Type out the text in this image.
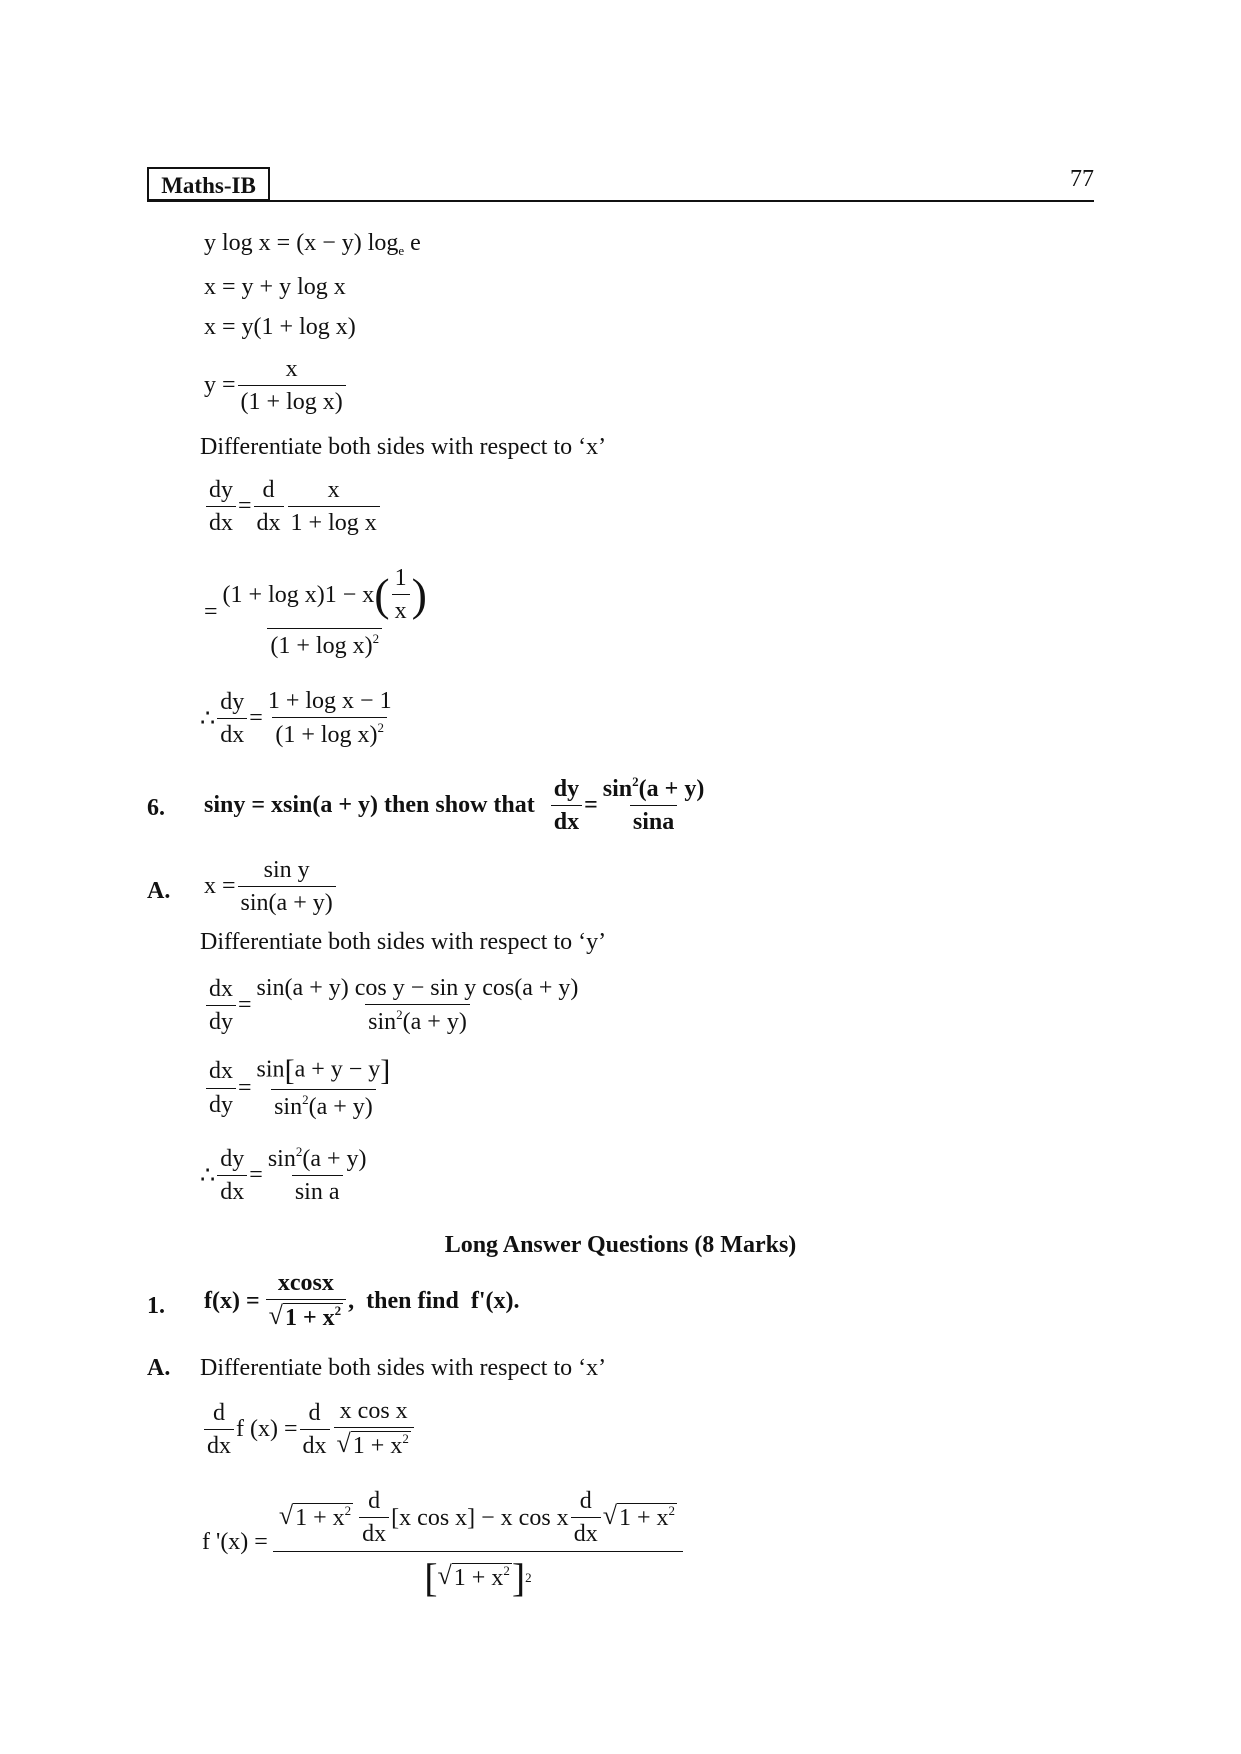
Maths-IB	77
y log x = (x − y) $\log_e e$
x = y + y log x
x = y(1 + log x)
$y = \frac{x}{\text{(1 + log x)}}$
Differentiate both sides with respect to ‘x’
$\frac{dy}{dx} = \frac{d}{dx} \frac{x}{\text{1 + log x}}$
=
(1 + log x)1 − x ( $\frac{1}{x}$ )
$(1 + \log x)^2$
∴ $\frac{dy}{dx} = \frac{\text{1 + log x − 1}}{(1 + \log x)^2}$
6. siny = xsin(a + y) then show that $\frac{dy}{dx} = \frac{\sin^2(a + y)}{\sin a}$
A. $x = \frac{\text{sin y}}{\sin(a + y)}$
Differentiate both sides with respect to ‘y’
$\frac{dx}{dy} = \frac{\text{sin(a + y) cos y − sin y cos(a + y)}}{\sin^2(a + y)}$
$\frac{dx}{dy} = \frac{\sin[a + y - y]}{\sin^2(a + y)}$
∴ $\frac{dy}{dx} = \frac{\sin^2(a + y)}{\text{sin a}}$
Long Answer Questions (8 Marks)
1. $f(x) = \frac{xcosx}{√ 1 + x^2}$ ,  then find  f'(x).
A. Differentiate both sides with respect to ‘x’
$\frac{d}{dx}$ f $(x) = \frac{d}{dx} \frac{\text{x cos x}}{√ 1 + x^2}$
f '(x) =
√ $1 + x^2 \frac{d}{dx} [x$ cos x] − x cos x $\frac{d}{dx}$ √ $1 + x^2$
[ √ $1 + x^2$ ] 2
